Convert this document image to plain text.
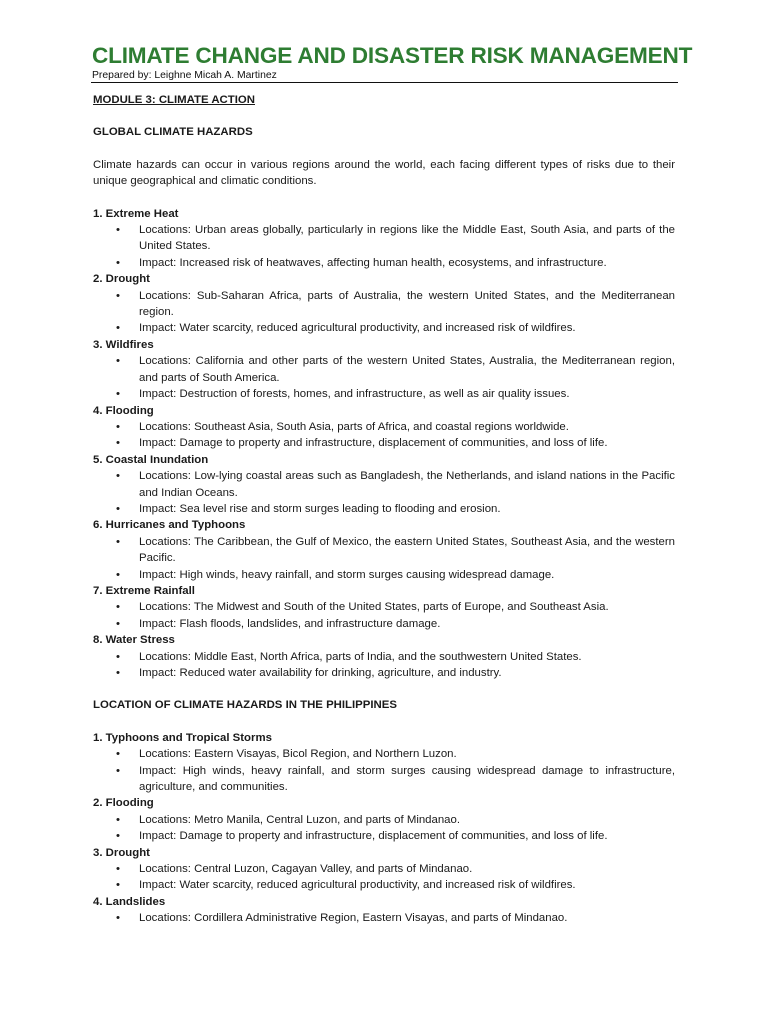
CLIMATE CHANGE AND DISASTER RISK MANAGEMENT
Prepared by: Leighne Micah A. Martinez
MODULE 3: CLIMATE ACTION
GLOBAL CLIMATE HAZARDS

Climate hazards can occur in various regions around the world, each facing different types of risks due to their unique geographical and climatic conditions.

1. Extreme Heat

• Locations: Urban areas globally, particularly in regions like the Middle East, South Asia, and parts of the United States.
• Impact: Increased risk of heatwaves, affecting human health, ecosystems, and infrastructure.

2. Drought

• Locations: Sub-Saharan Africa, parts of Australia, the western United States, and the Mediterranean region.
• Impact: Water scarcity, reduced agricultural productivity, and increased risk of wildfires.

3. Wildfires

• Locations: California and other parts of the western United States, Australia, the Mediterranean region, and parts of South America.
• Impact: Destruction of forests, homes, and infrastructure, as well as air quality issues.

4. Flooding

• Locations: Southeast Asia, South Asia, parts of Africa, and coastal regions worldwide.
• Impact: Damage to property and infrastructure, displacement of communities, and loss of life.

5. Coastal Inundation

• Locations: Low-lying coastal areas such as Bangladesh, the Netherlands, and island nations in the Pacific and Indian Oceans.
• Impact: Sea level rise and storm surges leading to flooding and erosion.

6. Hurricanes and Typhoons

• Locations: The Caribbean, the Gulf of Mexico, the eastern United States, Southeast Asia, and the western Pacific.
• Impact: High winds, heavy rainfall, and storm surges causing widespread damage.

7. Extreme Rainfall

• Locations: The Midwest and South of the United States, parts of Europe, and Southeast Asia.
• Impact: Flash floods, landslides, and infrastructure damage.

8. Water Stress

• Locations: Middle East, North Africa, parts of India, and the southwestern United States.
• Impact: Reduced water availability for drinking, agriculture, and industry.
LOCATION OF CLIMATE HAZARDS IN THE PHILIPPINES

1. Typhoons and Tropical Storms

• Locations: Eastern Visayas, Bicol Region, and Northern Luzon.
• Impact: High winds, heavy rainfall, and storm surges causing widespread damage to infrastructure, agriculture, and communities.

2. Flooding

• Locations: Metro Manila, Central Luzon, and parts of Mindanao.
• Impact: Damage to property and infrastructure, displacement of communities, and loss of life.

3. Drought

• Locations: Central Luzon, Cagayan Valley, and parts of Mindanao.
• Impact: Water scarcity, reduced agricultural productivity, and increased risk of wildfires.

4. Landslides

• Locations: Cordillera Administrative Region, Eastern Visayas, and parts of Mindanao.
